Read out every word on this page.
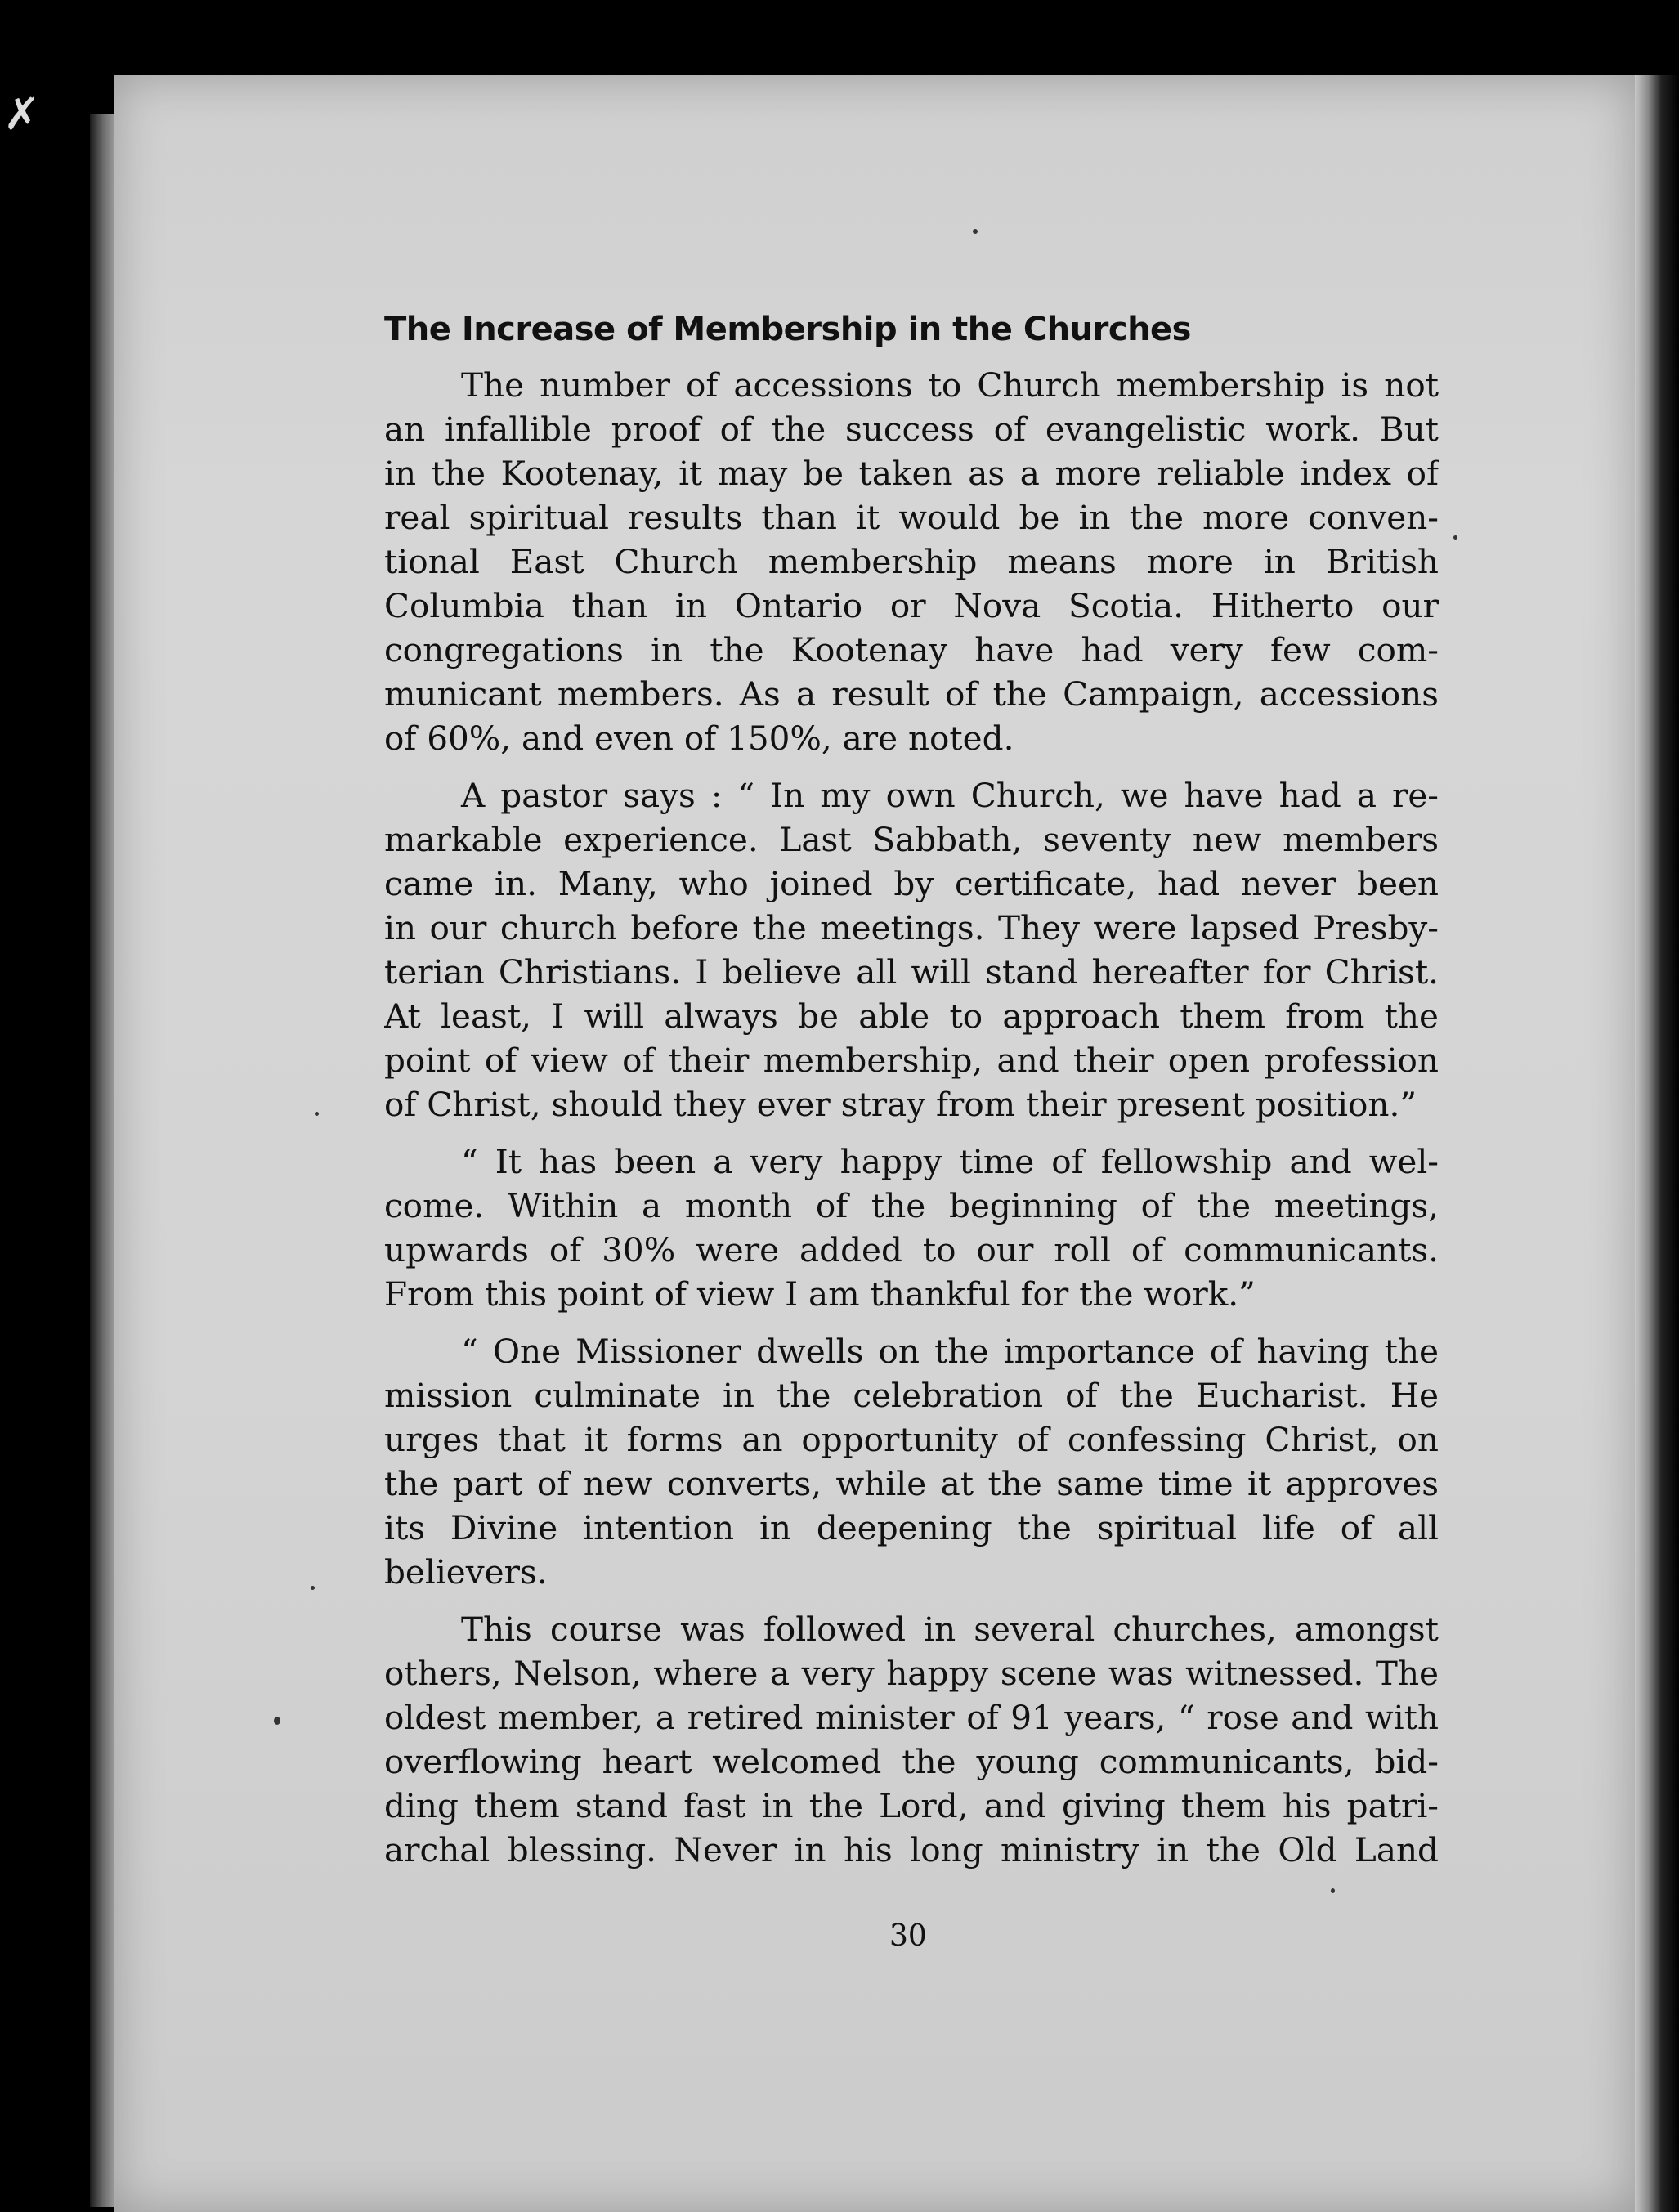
✗
The Increase of Membership in the Churches
The number of accessions to Church membership is not
an infallible proof of the success of evangelistic work. But
in the Kootenay, it may be taken as a more reliable index of
real spiritual results than it would be in the more conven-
tional East Church membership means more in British
Columbia than in Ontario or Nova Scotia. Hitherto our
congregations in the Kootenay have had very few com-
municant members. As a result of the Campaign, accessions
of 60%, and even of 150%, are noted.
A pastor says : “ In my own Church, we have had a re-
markable experience. Last Sabbath, seventy new members
came in. Many, who joined by certificate, had never been
in our church before the meetings. They were lapsed Presby-
terian Christians. I believe all will stand hereafter for Christ.
At least, I will always be able to approach them from the
point of view of their membership, and their open profession
of Christ, should they ever stray from their present position.”
“ It has been a very happy time of fellowship and wel-
come. Within a month of the beginning of the meetings,
upwards of 30% were added to our roll of communicants.
From this point of view I am thankful for the work.”
“ One Missioner dwells on the importance of having the
mission culminate in the celebration of the Eucharist. He
urges that it forms an opportunity of confessing Christ, on
the part of new converts, while at the same time it approves
its Divine intention in deepening the spiritual life of all
believers.
This course was followed in several churches, amongst
others, Nelson, where a very happy scene was witnessed. The
oldest member, a retired minister of 91 years, “ rose and with
overflowing heart welcomed the young communicants, bid-
ding them stand fast in the Lord, and giving them his patri-
archal blessing. Never in his long ministry in the Old Land
30
